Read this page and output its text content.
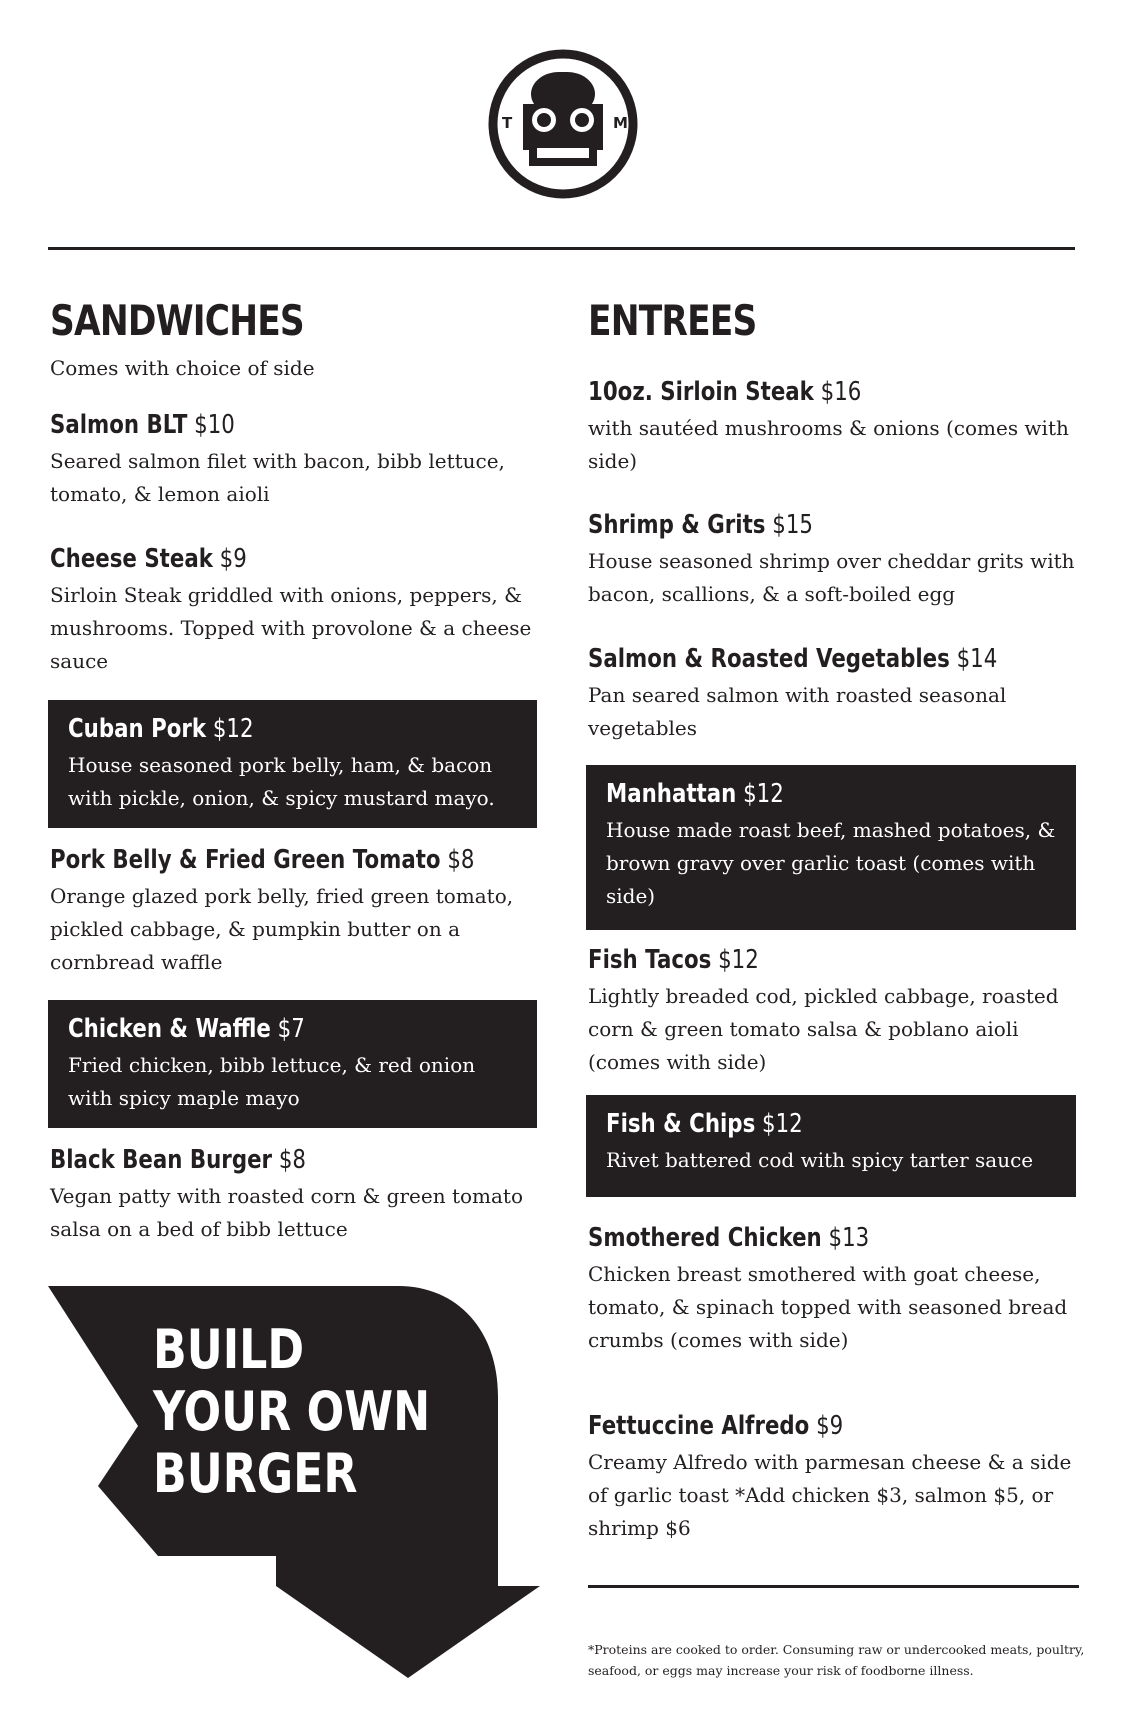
T	M
SANDWICHES
Comes with choice of side
Salmon BLT $10
Seared salmon filet with bacon, bibb lettuce, tomato, & lemon aioli
Cheese Steak $9
Sirloin Steak griddled with onions, peppers, & mushrooms. Topped with provolone & a cheese sauce
Cuban Pork $12
House seasoned pork belly, ham, & bacon with pickle, onion, & spicy mustard mayo.
Pork Belly & Fried Green Tomato $8
Orange glazed pork belly, fried green tomato, pickled cabbage, & pumpkin butter on a cornbread waffle
Chicken & Waffle $7
Fried chicken, bibb lettuce, & red onion with spicy maple mayo
Black Bean Burger $8
Vegan patty with roasted corn & green tomato salsa on a bed of bibb lettuce
BUILD
YOUR OWN
BURGER
ENTREES
10oz. Sirloin Steak $16
with sautéed mushrooms & onions (comes with side)
Shrimp & Grits $15
House seasoned shrimp over cheddar grits with bacon, scallions, & a soft-boiled egg
Salmon & Roasted Vegetables $14
Pan seared salmon with roasted seasonal vegetables
Manhattan $12
House made roast beef, mashed potatoes, & brown gravy over garlic toast (comes with side)
Fish Tacos $12
Lightly breaded cod, pickled cabbage, roasted corn & green tomato salsa & poblano aioli (comes with side)
Fish & Chips $12
Rivet battered cod with spicy tarter sauce
Smothered Chicken $13
Chicken breast smothered with goat cheese, tomato, & spinach topped with seasoned bread crumbs (comes with side)
Fettuccine Alfredo $9
Creamy Alfredo with parmesan cheese & a side of garlic toast *Add chicken $3, salmon $5, or shrimp $6
*Proteins are cooked to order. Consuming raw or undercooked meats, poultry, seafood, or eggs may increase your risk of foodborne illness.
